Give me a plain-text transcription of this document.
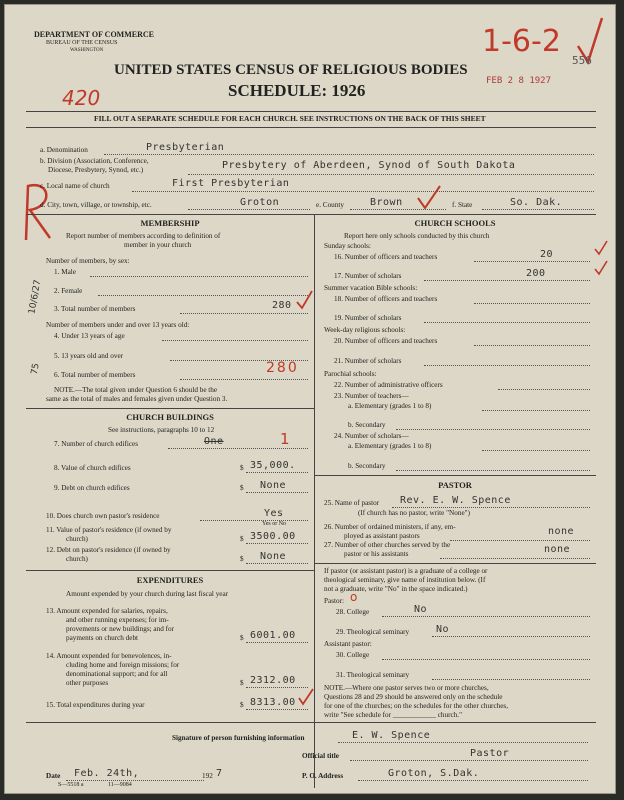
DEPARTMENT OF COMMERCE
BUREAU OF THE CENSUS
WASHINGTON
UNITED STATES CENSUS OF RELIGIOUS BODIES
SCHEDULE: 1926
420
1-6-2
556
FEB 2 8 1927
FILL OUT A SEPARATE SCHEDULE FOR EACH CHURCH. SEE INSTRUCTIONS ON THE BACK OF THIS SHEET
a. Denomination	Presbyterian
b. Division (Association, Conference,
Diocese, Presbytery, Synod, etc.)	Presbytery of Aberdeen, Synod of South Dakota
c. Local name of church	First Presbyterian
d. City, town, village, or township, etc.	Groton	e. County	Brown	f. State	So. Dak.
MEMBERSHIP
Report number of members according to definition of
member in your church
Number of members, by sex:
1. Male
2. Female
3. Total number of members	280
Number of members under and over 13 years old:
4. Under 13 years of age
5. 13 years old and over
6. Total number of members	280
NOTE.—The total given under Question 6 should be the
same as the total of males and females given under Question 3.
10/6/27
75
CHURCH BUILDINGS
See instructions, paragraphs 10 to 12
7. Number of church edifices	One	1
8. Value of church edifices	$ 35,000.
9. Debt on church edifices	$ None
10. Does church own pastor's residence	Yes
Yes or No
11. Value of pastor's residence (if owned by
church)	$ 3500.00
12. Debt on pastor's residence (if owned by
church)	$ None
EXPENDITURES
Amount expended by your church during last fiscal year
13. Amount expended for salaries, repairs,
and other running expenses; for im-
provements or new buildings; and for
payments on church debt	$ 6001.00
14. Amount expended for benevolences, in-
cluding home and foreign missions; for
denominational support; and for all
other purposes	$ 2312.00
15. Total expenditures during year	$ 8313.00
CHURCH SCHOOLS
Report here only schools conducted by this church
Sunday schools:
16. Number of officers and teachers	20
17. Number of scholars	200
Summer vacation Bible schools:
18. Number of officers and teachers
19. Number of scholars
Week-day religious schools:
20. Number of officers and teachers
21. Number of scholars
Parochial schools:
22. Number of administrative officers
23. Number of teachers—
a. Elementary (grades 1 to 8)
b. Secondary
24. Number of scholars—
a. Elementary (grades 1 to 8)
b. Secondary
PASTOR
25. Name of pastor Rev. E. W. Spence
(If church has no pastor, write "None")
26. Number of ordained ministers, if any, em-
ployed as assistant pastors	none
27. Number of other churches served by the
pastor or his assistants	none
If pastor (or assistant pastor) is a graduate of a college or
theological seminary, give name of institution below. (If
not a graduate, write "No" in the space indicated.)
Pastor: o
28. College	No
29. Theological seminary	No
Assistant pastor:
30. College
31. Theological seminary
NOTE.—Where one pastor serves two or more churches,
Questions 28 and 29 should be answered only on the schedule
for one of the churches; on the schedules for the other churches,
write "See schedule for ____________ church."
Signature of person furnishing information	E. W. Spence
Official title	Pastor
Date Feb. 24th,	192 7	P. O. Address	Groton, S.Dak.
S—5518 a	11—9084
